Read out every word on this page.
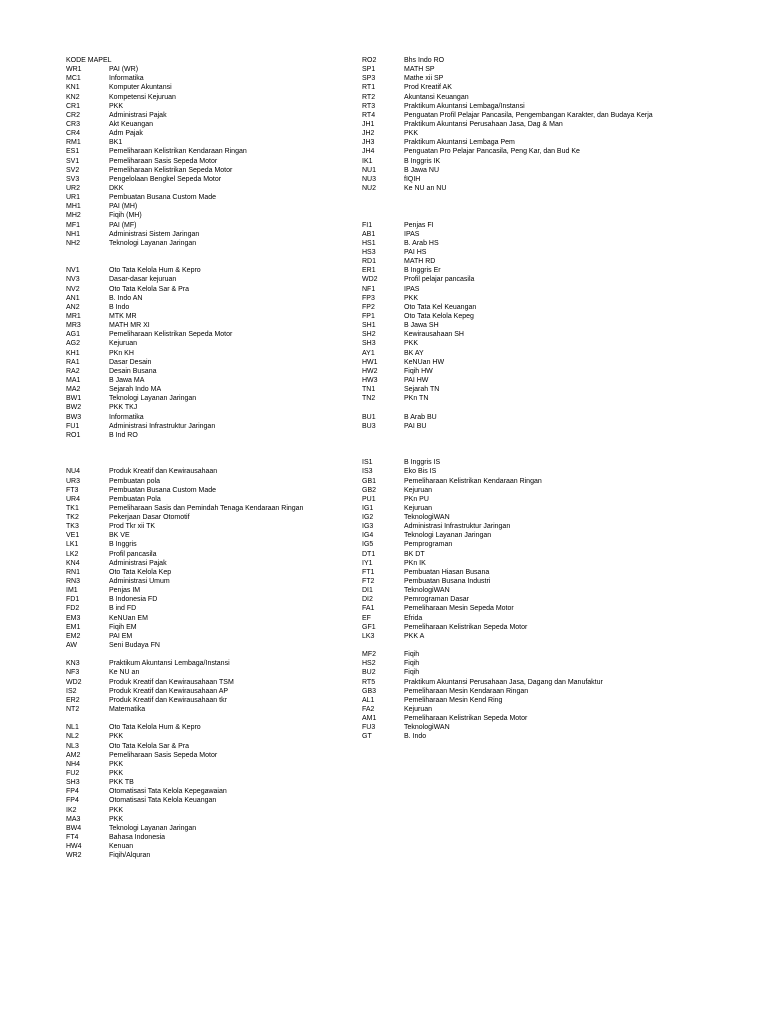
KODE MAPEL
WR1	PAI (WR)
MC1	Informatika
KN1	Komputer Akuntansi
KN2	Kompetensi Kejuruan
CR1	PKK
CR2	Administrasi Pajak
CR3	Akt Keuangan
CR4	Adm Pajak
RM1	BK1
ES1	Pemeliharaan Kelistrikan Kendaraan Ringan
SV1	Pemeliharaan Sasis Sepeda Motor
SV2	Pemeliharaan Kelistrikan Sepeda Motor
SV3	Pengelolaan Bengkel Sepeda Motor
UR2	DKK
UR1	Pembuatan Busana Custom Made
MH1	PAI (MH)
MH2	Fiqih (MH)
MF1	PAI (MF)
NH1	Administrasi Sistem Jaringan
NH2	Teknologi Layanan Jaringan
NV1	Oto Tata Kelola Hum & Kepro
NV3	Dasar-dasar kejuruan
NV2	Oto Tata Kelola Sar & Pra
AN1	B. Indo AN
AN2	B Indo
MR1	MTK MR
MR3	MATH MR XI
AG1	Pemeliharaan Kelistrikan Sepeda Motor
AG2	Kejuruan
KH1	PKn KH
RA1	Dasar Desain
RA2	Desain Busana
MA1	B Jawa MA
MA2	Sejarah Indo MA
BW1	Teknologi Layanan Jaringan
BW2	PKK TKJ
BW3	Informatika
FU1	Administrasi Infrastruktur Jaringan
RO1	B Ind RO
NU4	Produk Kreatif dan Kewirausahaan
UR3	Pembuatan pola
FT3	Pembuatan Busana Custom Made
UR4	Pembuatan Pola
TK1	Pemeliharaan Sasis dan Pemindah Tenaga Kendaraan Ringan
TK2	Pekerjaan Dasar Otomotif
TK3	Prod Tkr xii TK
VE1	BK VE
LK1	B Inggris
LK2	Profil pancasila
KN4	Administrasi Pajak
RN1	Oto Tata Kelola Kep
RN3	Administrasi Umum
IM1	Penjas IM
FD1	B Indonesia FD
FD2	B ind FD
EM3	KeNUan EM
EM1	Fiqih EM
EM2	PAI EM
AW	Seni Budaya FN
KN3	Praktikum Akuntansi Lembaga/Instansi
NF3	Ke NU an
WD2	Produk Kreatif dan Kewirausahaan TSM
IS2	Produk Kreatif dan Kewirausahaan AP
ER2	Produk Kreatif dan Kewirausahaan tkr
NT2	Matematika
NL1	Oto Tata Kelola Hum & Kepro
NL2	PKK
NL3	Oto Tata Kelola Sar & Pra
AM2	Pemeliharaan Sasis Sepeda Motor
NH4	PKK
FU2	PKK
SH3	PKK TB
FP4	Otomatisasi Tata Kelola Kepegawaian
FP4	Otomatisasi Tata Kelola Keuangan
IK2	PKK
MA3	PKK
BW4	Teknologi Layanan Jaringan
FT4	Bahasa Indonesia
HW4	Kenuan
WR2	Fiqih/Alquran
RO2	Bhs Indo RO
SP1	MATH SP
SP3	Mathe xii SP
RT1	Prod Kreatif AK
RT2	Akuntansi Keuangan
RT3	Praktikum Akuntansi Lembaga/Instansi
RT4	Penguatan Profil Pelajar Pancasila, Pengembangan Karakter, dan Budaya Kerja
JH1	Praktikum Akuntansi Perusahaan Jasa, Dag & Man
JH2	PKK
JH3	Praktikum Akuntansi Lembaga Pem
JH4	Penguatan Pro Pelajar Pancasila, Peng Kar, dan Bud Ke
IK1	B Inggris IK
NU1	B Jawa NU
NU3	fIQIH
NU2	Ke NU an NU
FI1	Penjas FI
AB1	IPAS
HS1	B. Arab HS
HS3	PAI HS
RD1	MATH RD
ER1	B Inggris Er
WD2	Profil pelajar pancasila
NF1	IPAS
FP3	PKK
FP2	Oto Tata Kel Keuangan
FP1	Oto Tata Kelola Kepeg
SH1	B Jawa SH
SH2	Kewirausahaan SH
SH3	PKK
AY1	BK AY
HW1	KeNUan HW
HW2	Fiqih HW
HW3	PAI HW
TN1	Sejarah TN
TN2	PKn TN
BU1	B Arab BU
BU3	PAI BU
IS1	B Inggris IS
IS3	Eko Bis IS
GB1	Pemeliharaan Kelistrikan Kendaraan Ringan
GB2	Kejuruan
PU1	PKn PU
IG1	Kejuruan
IG2	TeknologiWAN
IG3	Administrasi Infrastruktur Jaringan
IG4	Teknologi Layanan Jaringan
IG5	Pemprograman
DT1	BK DT
IY1	PKn IK
FT1	Pembuatan Hiasan Busana
FT2	Pembuatan Busana Industri
DI1	TeknologiWAN
DI2	Pemrograman Dasar
FA1	Pemeliharaan Mesin Sepeda Motor
EF	Efrida
GF1	Pemeliharaan Kelistrikan Sepeda Motor
LK3	PKK A
MF2	Fiqih
HS2	Fiqih
BU2	Fiqih
RT5	Praktikum Akuntansi Perusahaan Jasa, Dagang dan Manufaktur
GB3	Pemeliharaan Mesin Kendaraan Ringan
AL1	Pemeliharaan Mesin Kend Ring
FA2	Kejuruan
AM1	Pemeliharaan Kelistrikan Sepeda Motor
FU3	TeknologiWAN
GT	B. Indo
